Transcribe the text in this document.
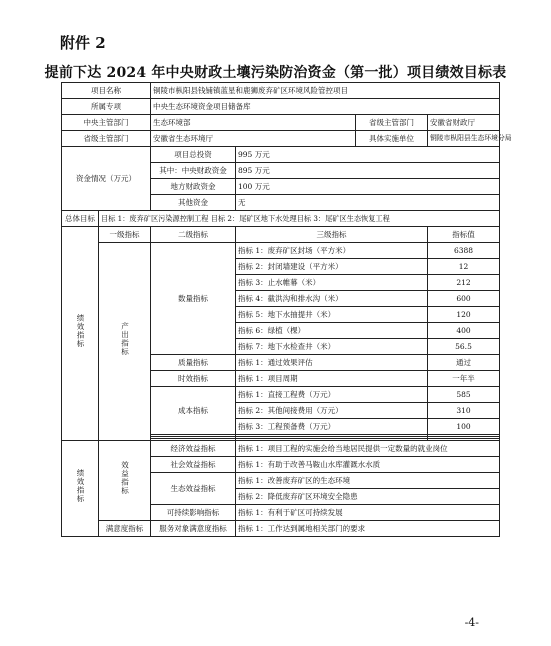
附件 2
提前下达 2024 年中央财政土壤污染防治资金（第一批）项目绩效目标表
项目名称		铜陵市枞阳县钱铺镇蓝星和鹿狮废弃矿区环境风险管控项目			
所属专项		中央生态环境资金项目储备库			
中央主管部门		生态环境部		省级主管部门	安徽省财政厅
省级主管部门		安徽省生态环境厅		具体实施单位	铜陵市枞阳县生态环境分局
资金情况（万元）		项目总投资	995 万元		
		其中：中央财政资金	895 万元		
		地方财政资金	100 万元		
		其他资金	无		
总体目标	目标 1：废弃矿区污染源控制工程 目标 2：尾矿区地下水处理目标 3：尾矿区生态恢复工程				
绩效指标	一级指标	二级指标	三级指标		指标值
	产出指标	数量指标	指标 1：废弃矿区封场（平方米）		6388
			指标 2：封闭墙建设（平方米）		12
			指标 3：止水帷幕（米）		212
			指标 4：截洪沟和排水沟（米）		600
			指标 5：地下水抽提井（米）		120
			指标 6：绿植（棵）		400
			指标 7：地下水检查井（米）		56.5
		质量指标	指标 1：通过效果评估		通过
		时效指标	指标 1：项目周期		一年半
		成本指标	指标 1：直接工程费（万元）		585
			指标 2：其他间接费用（万元）		310
			指标 3：工程预备费（万元）		100

绩效指标	效益指标	经济效益指标	指标 1：项目工程的实施会给当地居民提供一定数量的就业岗位		
		社会效益指标	指标 1：有助于改善马鞍山水库灌溉水水质		
		生态效益指标	指标 1：改善废弃矿区的生态环境		
			指标 2：降低废弃矿区环境安全隐患		
		可持续影响指标	指标 1：有利于矿区可持续发展		
	满意度指标	服务对象满意度指标	指标 1：工作达到属地相关部门的要求		
-4-
